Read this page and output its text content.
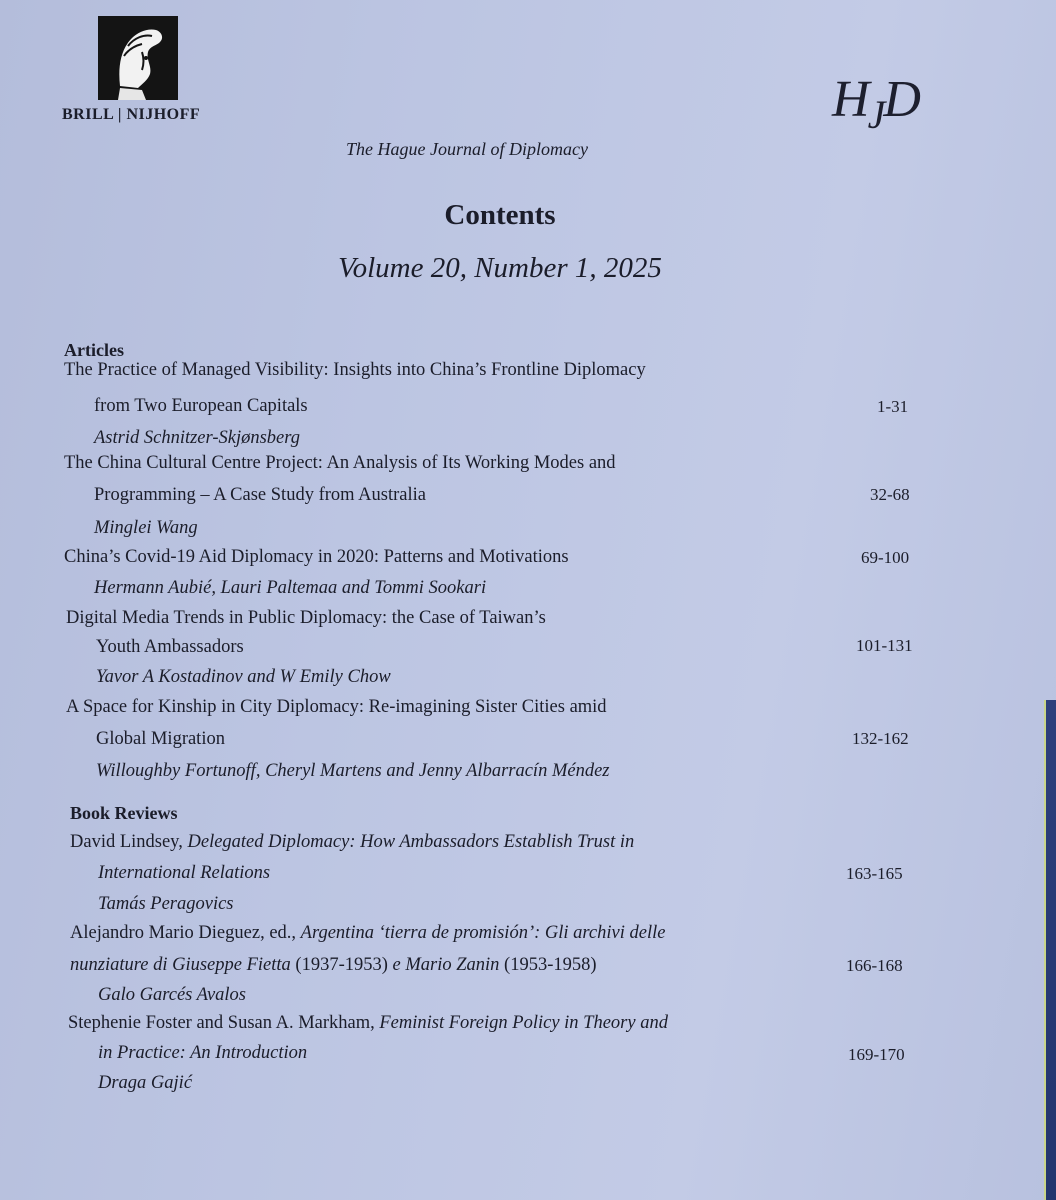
BRILL | NIJHOFF	$H_JD$
The Hague Journal of Diplomacy
Contents
Volume 20, Number 1, 2025
Articles
The Practice of Managed Visibility: Insights into China’s Frontline Diplomacy
from Two European Capitals	1-31
Astrid Schnitzer-Skjønsberg
The China Cultural Centre Project: An Analysis of Its Working Modes and
Programming – A Case Study from Australia	32-68
Minglei Wang
China’s Covid-19 Aid Diplomacy in 2020: Patterns and Motivations	69-100
Hermann Aubié, Lauri Paltemaa and Tommi Sookari
Digital Media Trends in Public Diplomacy: the Case of Taiwan’s
Youth Ambassadors	101-131
Yavor A Kostadinov and W Emily Chow
A Space for Kinship in City Diplomacy: Re-imagining Sister Cities amid
Global Migration	132-162
Willoughby Fortunoff, Cheryl Martens and Jenny Albarracín Méndez
Book Reviews
David Lindsey, Delegated Diplomacy: How Ambassadors Establish Trust in
International Relations	163-165
Tamás Peragovics
Alejandro Mario Dieguez, ed., Argentina ‘tierra de promisión’: Gli archivi delle
nunziature di Giuseppe Fietta (1937-1953) e Mario Zanin (1953-1958)	166-168
Galo Garcés Avalos
Stephenie Foster and Susan A. Markham, Feminist Foreign Policy in Theory and
in Practice: An Introduction	169-170
Draga Gajić
